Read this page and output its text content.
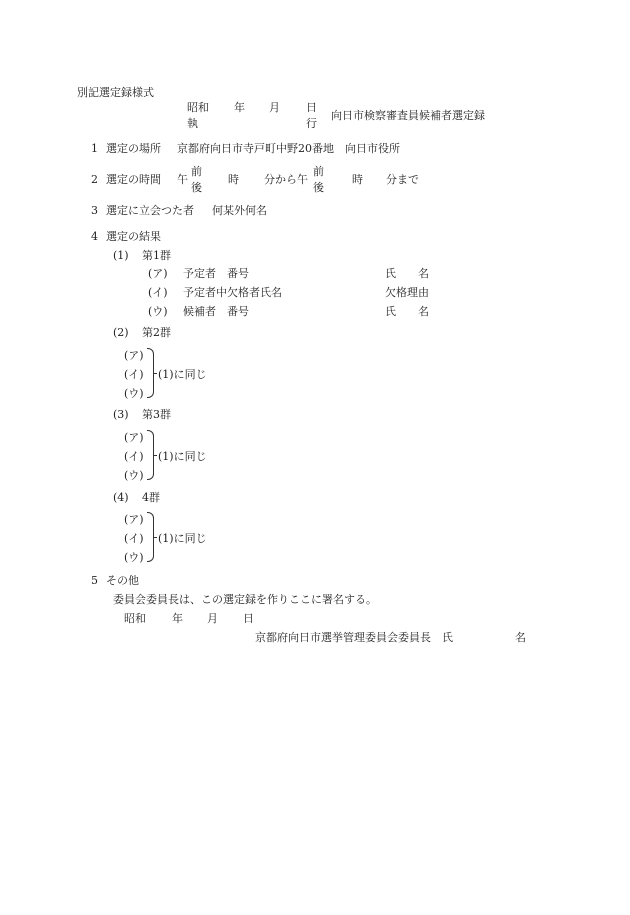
別記選定録様式
昭和
執
年 月 日
行
向日市検察審査員候補者選定録
1 選定の場所 京都府向日市寺戸町中野20番地　向日市役所
2 選定の時間 午
前
後
時 分から午
前
後
時 分まで
3 選定に立会つた者 何某外何名
4 選定の結果
(1) 第1群
(ア) 予定者　番号	氏　　名
(イ) 予定者中欠格者氏名	欠格理由
(ウ) 候補者　番号	氏　　名
(2) 第2群
(ア)
(イ)
(ウ)
(1)に同じ
(3) 第3群
(ア)
(イ)
(ウ)
(1)に同じ
(4) 4群
(ア)
(イ)
(ウ)
(1)に同じ
5 その他
委員会委員長は、この選定録を作りここに署名する。
昭和 年 月 日
京都府向日市選挙管理委員会委員長　氏	名
